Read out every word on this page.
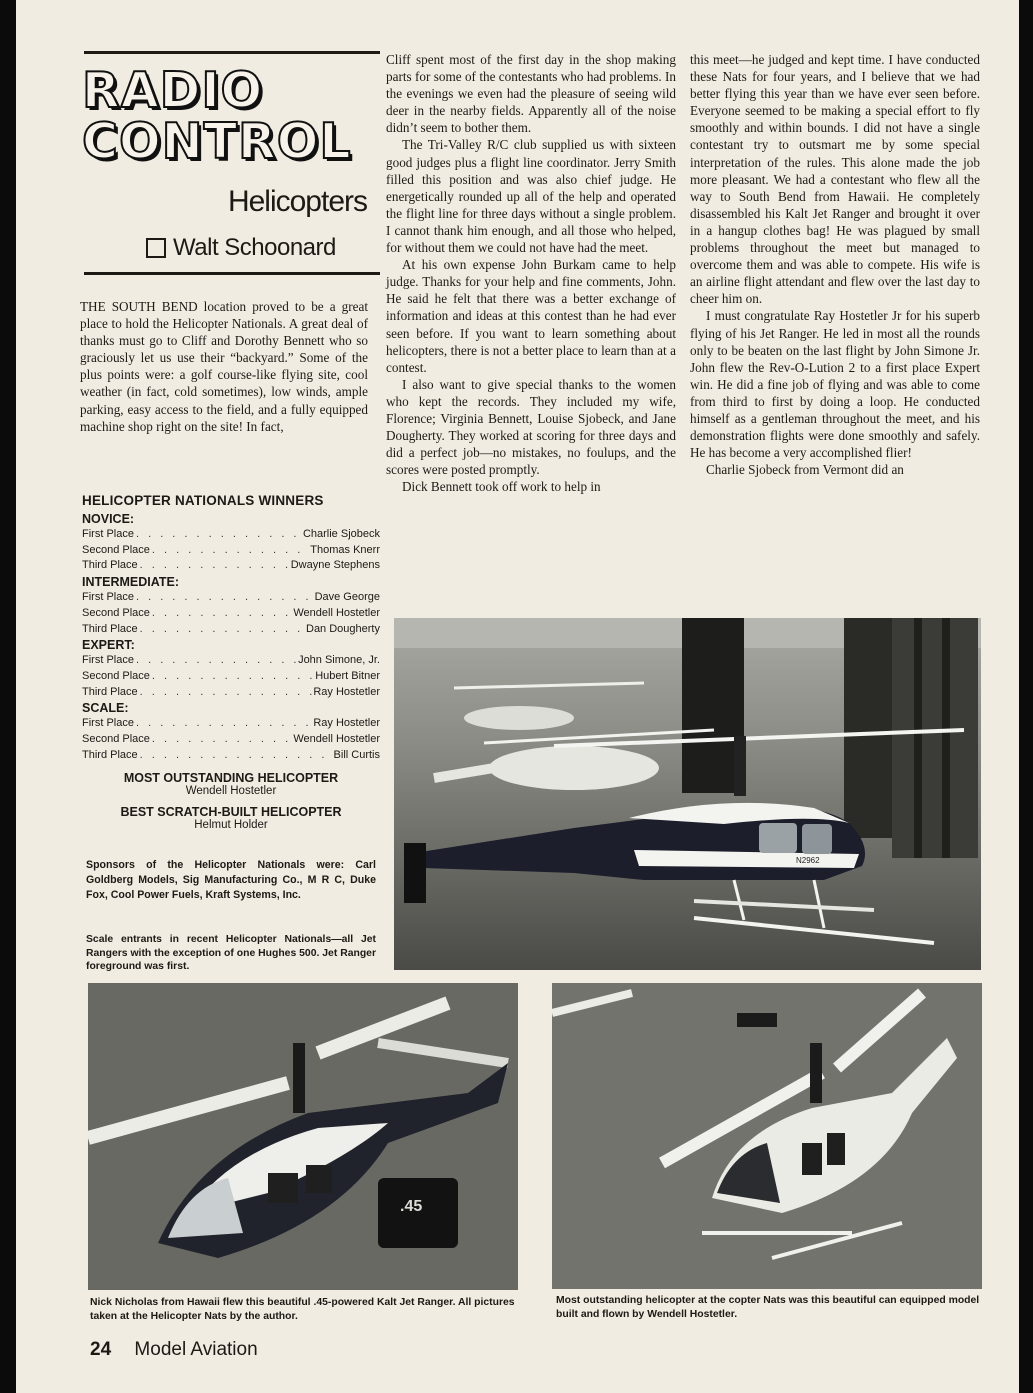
RADIO
CONTROL
Helicopters
Walt Schoonard

THE SOUTH BEND location proved to be a great place to hold the Helicopter Nationals. A great deal of thanks must go to Cliff and Dorothy Bennett who so graciously let us use their “backyard.” Some of the plus points were: a golf course-like flying site, cool weather (in fact, cold sometimes), low winds, ample parking, easy access to the field, and a fully equipped machine shop right on the site! In fact,

HELICOPTER NATIONALS WINNERS
NOVICE:
First Place . . .	Charlie Sjobeck
Second Place . . .	Thomas Knerr
Third Place . . .	Dwayne Stephens
INTERMEDIATE:
First Place . . .	Dave George
Second Place . . .	Wendell Hostetler
Third Place . . .	Dan Dougherty
EXPERT:
First Place . . .	John Simone, Jr.
Second Place . . .	Hubert Bitner
Third Place . . .	Ray Hostetler
SCALE:
First Place . . .	Ray Hostetler
Second Place . . .	Wendell Hostetler
Third Place . . .	Bill Curtis
MOST OUTSTANDING HELICOPTER
Wendell Hostetler
BEST SCRATCH-BUILT HELICOPTER
Helmut Holder
Sponsors of the Helicopter Nationals were: Carl Goldberg Models, Sig Manufacturing Co., M R C, Duke Fox, Cool Power Fuels, Kraft Systems, Inc.
Scale entrants in recent Helicopter Nationals—all Jet Rangers with the exception of one Hughes 500. Jet Ranger foreground was first.

Cliff spent most of the first day in the shop making parts for some of the contestants who had problems. In the evenings we even had the pleasure of seeing wild deer in the nearby fields. Apparently all of the noise didn’t seem to bother them.

The Tri-Valley R/C club supplied us with sixteen good judges plus a flight line coordinator. Jerry Smith filled this position and was also chief judge. He energetically rounded up all of the help and operated the flight line for three days without a single problem. I cannot thank him enough, and all those who helped, for without them we could not have had the meet.

At his own expense John Burkam came to help judge. Thanks for your help and fine comments, John. He said he felt that there was a better exchange of information and ideas at this contest than he had ever seen before. If you want to learn something about helicopters, there is not a better place to learn than at a contest.

I also want to give special thanks to the women who kept the records. They included my wife, Florence; Virginia Bennett, Louise Sjobeck, and Jane Dougherty. They worked at scoring for three days and did a perfect job—no mistakes, no foulups, and the scores were posted promptly.

Dick Bennett took off work to help in

this meet—he judged and kept time. I have conducted these Nats for four years, and I believe that we had better flying this year than we have ever seen before. Everyone seemed to be making a special effort to fly smoothly and within bounds. I did not have a single contestant try to outsmart me by some special interpretation of the rules. This alone made the job more pleasant. We had a contestant who flew all the way to South Bend from Hawaii. He completely disassembled his Kalt Jet Ranger and brought it over in a hangup clothes bag! He was plagued by small problems throughout the meet but managed to overcome them and was able to compete. His wife is an airline flight attendant and flew over the last day to cheer him on.

I must congratulate Ray Hostetler Jr for his superb flying of his Jet Ranger. He led in most all the rounds only to be beaten on the last flight by John Simone Jr. John flew the Rev-O-Lution 2 to a first place Expert win. He did a fine job of flying and was able to come from third to first by doing a loop. He conducted himself as a gentleman throughout the meet, and his demonstration flights were done smoothly and safely. He has become a very accomplished flier!

Charlie Sjobeck from Vermont did an

N2962
.45
Nick Nicholas from Hawaii flew this beautiful .45-powered Kalt Jet Ranger. All pictures taken at the Helicopter Nats by the author.
Most outstanding helicopter at the copter Nats was this beautiful can equipped model built and flown by Wendell Hostetler.
24 Model Aviation
